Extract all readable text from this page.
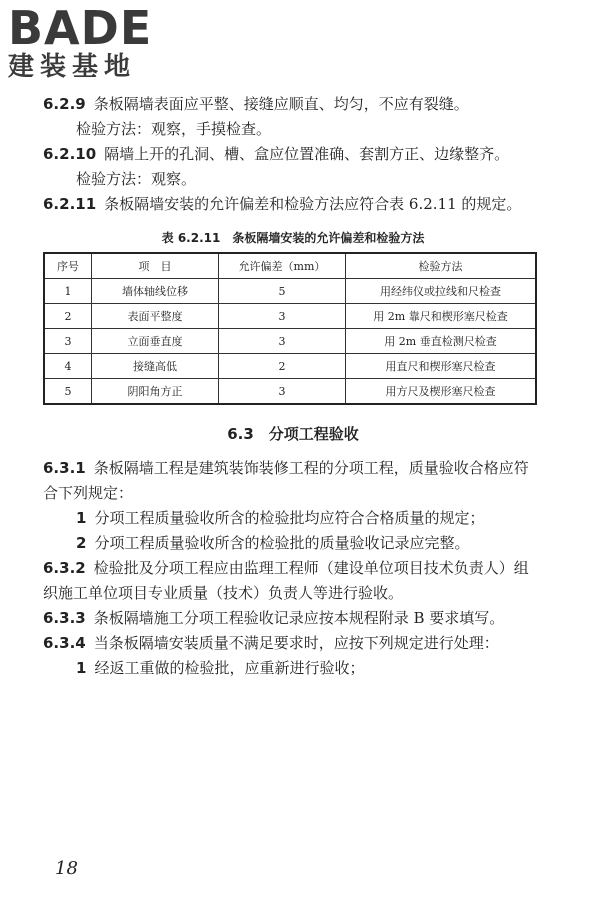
BADE
建装基地

6.2.9 条板隔墙表面应平整、接缝应顺直、均匀，不应有裂缝。

检验方法：观察，手摸检查。

6.2.10 隔墙上开的孔洞、槽、盒应位置准确、套割方正、边缘整齐。

检验方法：观察。

6.2.11 条板隔墙安装的允许偏差和检验方法应符合表 6.2.11 的规定。

表 6.2.11　条板隔墙安装的允许偏差和检验方法
序号	项　目	允许偏差（mm）	检验方法
1	墙体轴线位移	5	用经纬仪或拉线和尺检查
2	表面平整度	3	用 2m 靠尺和楔形塞尺检查
3	立面垂直度	3	用 2m 垂直检测尺检查
4	接缝高低	2	用直尺和楔形塞尺检查
5	阴阳角方正	3	用方尺及楔形塞尺检查
6.3　分项工程验收

6.3.1 条板隔墙工程是建筑装饰装修工程的分项工程，质量验收合格应符合下列规定：

1 分项工程质量验收所含的检验批均应符合合格质量的规定；

2 分项工程质量验收所含的检验批的质量验收记录应完整。

6.3.2 检验批及分项工程应由监理工程师（建设单位项目技术负责人）组织施工单位项目专业质量（技术）负责人等进行验收。

6.3.3 条板隔墙施工分项工程验收记录应按本规程附录 B 要求填写。

6.3.4 当条板隔墙安装质量不满足要求时，应按下列规定进行处理：

1 经返工重做的检验批，应重新进行验收；

18
